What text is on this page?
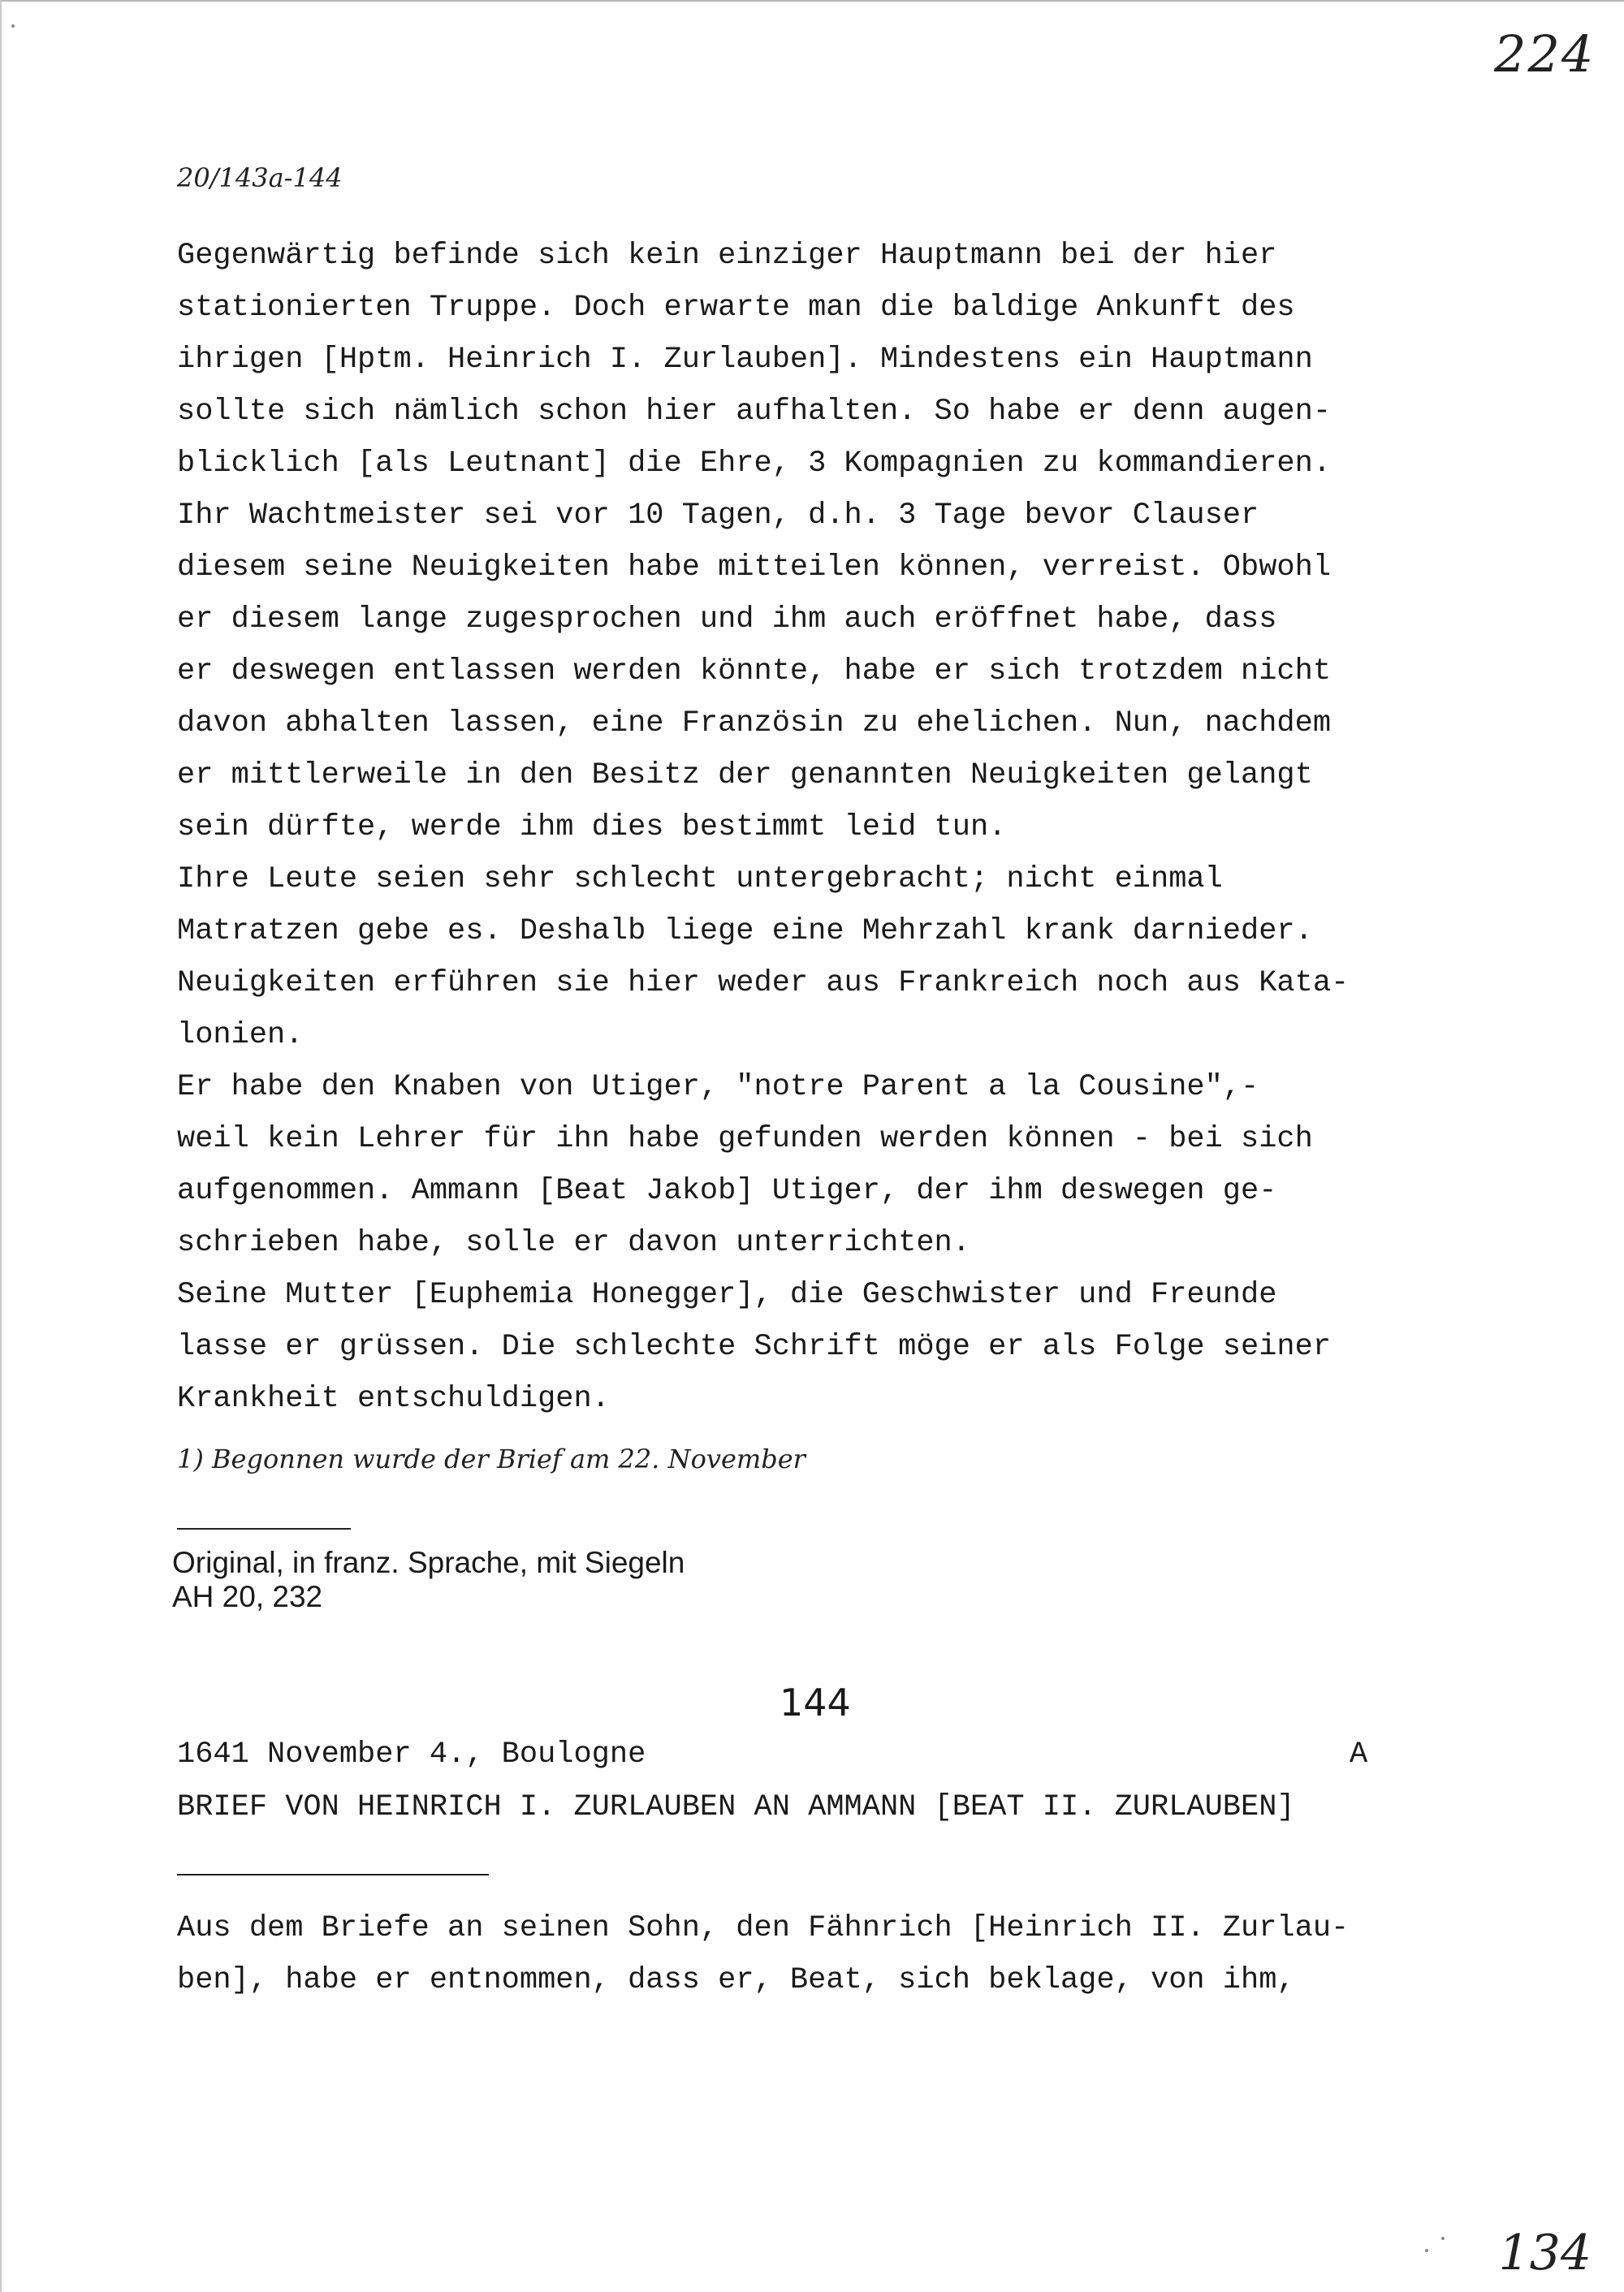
224
20/143a-144
Gegenwärtig befinde sich kein einziger Hauptmann bei der hier
stationierten Truppe. Doch erwarte man die baldige Ankunft des
ihrigen [Hptm. Heinrich I. Zurlauben]. Mindestens ein Hauptmann
sollte sich nämlich schon hier aufhalten. So habe er denn augen-
blicklich [als Leutnant] die Ehre, 3 Kompagnien zu kommandieren.
Ihr Wachtmeister sei vor 10 Tagen, d.h. 3 Tage bevor Clauser
diesem seine Neuigkeiten habe mitteilen können, verreist. Obwohl
er diesem lange zugesprochen und ihm auch eröffnet habe, dass
er deswegen entlassen werden könnte, habe er sich trotzdem nicht
davon abhalten lassen, eine Französin zu ehelichen. Nun, nachdem
er mittlerweile in den Besitz der genannten Neuigkeiten gelangt
sein dürfte, werde ihm dies bestimmt leid tun.
Ihre Leute seien sehr schlecht untergebracht; nicht einmal
Matratzen gebe es. Deshalb liege eine Mehrzahl krank darnieder.
Neuigkeiten erführen sie hier weder aus Frankreich noch aus Kata-
lonien.
Er habe den Knaben von Utiger, "notre Parent a la Cousine",-
weil kein Lehrer für ihn habe gefunden werden können - bei sich
aufgenommen. Ammann [Beat Jakob] Utiger, der ihm deswegen ge-
schrieben habe, solle er davon unterrichten.
Seine Mutter [Euphemia Honegger], die Geschwister und Freunde
lasse er grüssen. Die schlechte Schrift möge er als Folge seiner
Krankheit entschuldigen.
1) Begonnen wurde der Brief am 22. November
Original, in franz. Sprache, mit Siegeln
AH 20, 232
144
1641 November 4., Boulogne	A
BRIEF VON HEINRICH I. ZURLAUBEN AN AMMANN [BEAT II. ZURLAUBEN]
Aus dem Briefe an seinen Sohn, den Fähnrich [Heinrich II. Zurlau-
ben], habe er entnommen, dass er, Beat, sich beklage, von ihm,
134
